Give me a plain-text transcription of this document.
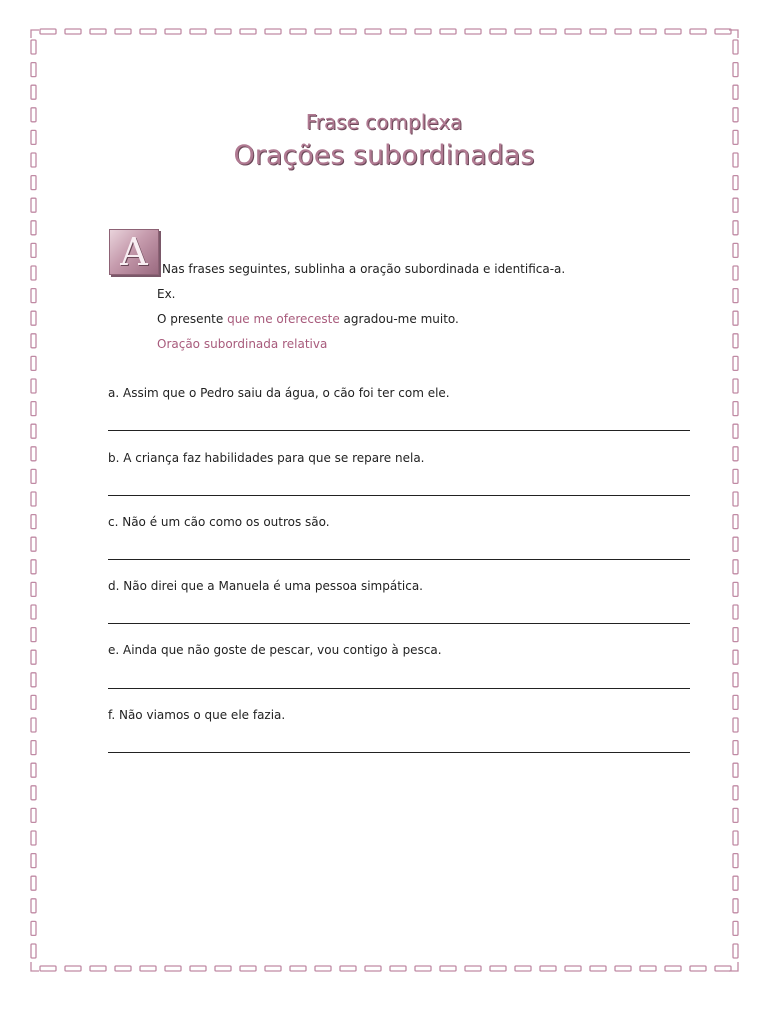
Frase complexa
Orações subordinadas
A	Nas frases seguintes, sublinha a oração subordinada e identifica-a.
Ex.
O presente que me ofereceste agradou-me muito.
Oração subordinada relativa
a. Assim que o Pedro saiu da água, o cão foi ter com ele.
b. A criança faz habilidades para que se repare nela.
c. Não é um cão como os outros são.
d. Não direi que a Manuela é uma pessoa simpática.
e. Ainda que não goste de pescar, vou contigo à pesca.
f. Não viamos o que ele fazia.
